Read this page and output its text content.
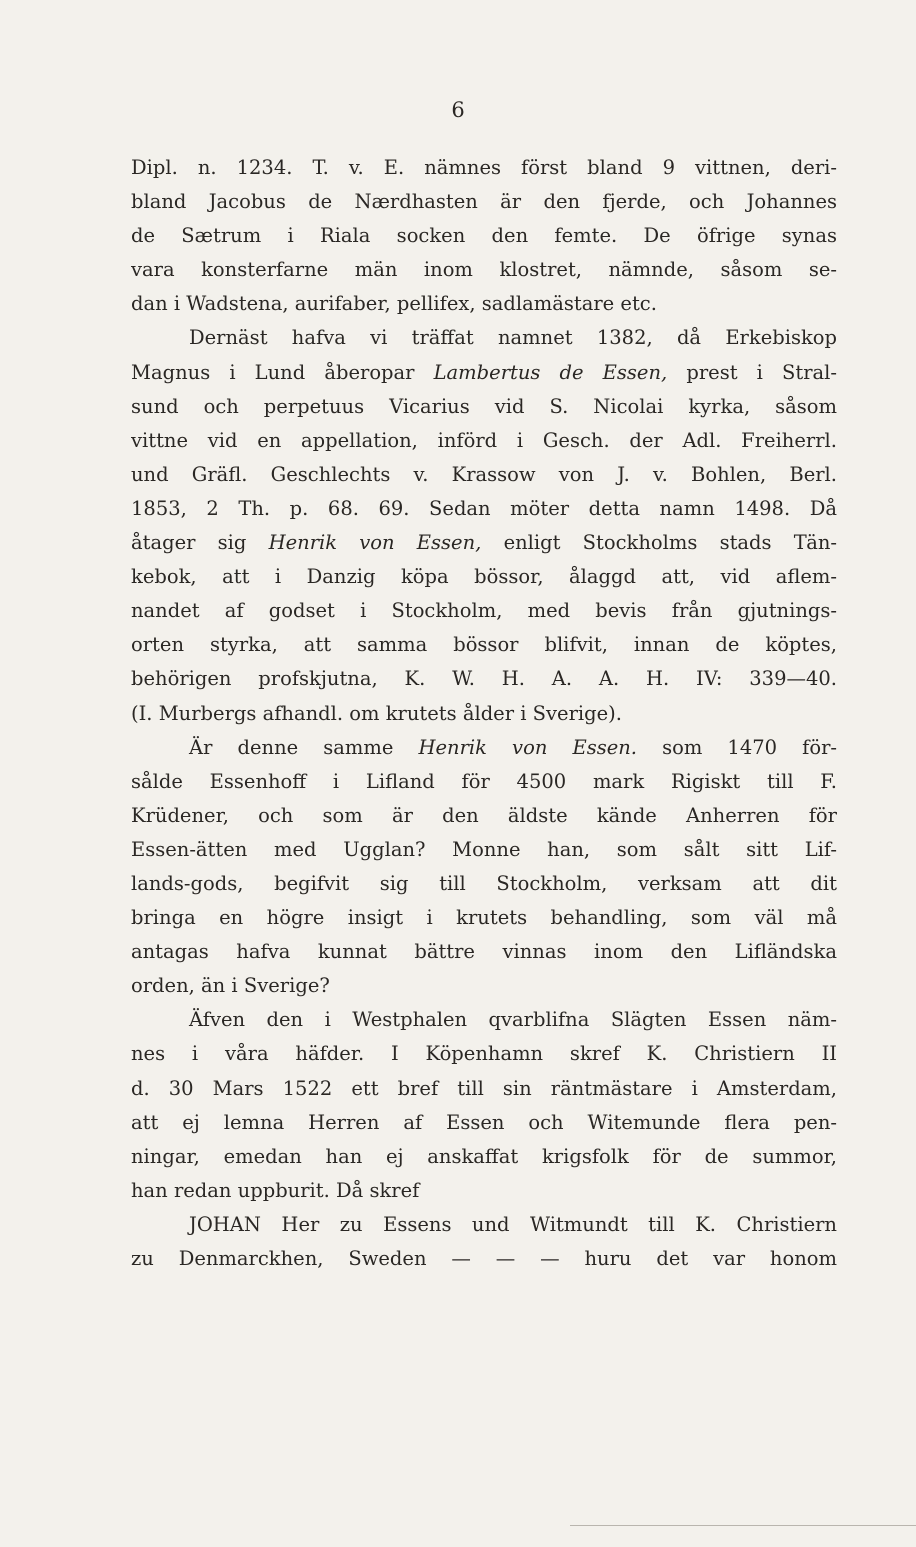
6
Dipl. n. 1234. T. v. E. nämnes först bland 9 vittnen, deri-
bland Jacobus de Nærdhasten är den fjerde, och Johannes
de Sætrum i Riala socken den femte. De öfrige synas
vara konsterfarne män inom klostret, nämnde, såsom se-
dan i Wadstena, aurifaber, pellifex, sadlamästare etc.
Dernäst hafva vi träffat namnet 1382, då Erkebiskop
Magnus i Lund åberopar Lambertus de Essen, prest i Stral-
sund och perpetuus Vicarius vid S. Nicolai kyrka, såsom
vittne vid en appellation, införd i Gesch. der Adl. Freiherrl.
und Gräfl. Geschlechts v. Krassow von J. v. Bohlen, Berl.
1853, 2 Th. p. 68. 69. Sedan möter detta namn 1498. Då
åtager sig Henrik von Essen, enligt Stockholms stads Tän-
kebok, att i Danzig köpa bössor, ålaggd att, vid aflem-
nandet af godset i Stockholm, med bevis från gjutnings-
orten styrka, att samma bössor blifvit, innan de köptes,
behörigen profskjutna, K. W. H. A. A. H. IV: 339—40.
(I. Murbergs afhandl. om krutets ålder i Sverige).
Är denne samme Henrik von Essen. som 1470 för-
sålde Essenhoff i Lifland för 4500 mark Rigiskt till F.
Krüdener, och som är den äldste kände Anherren för
Essen-ätten med Ugglan? Monne han, som sålt sitt Lif-
lands-gods, begifvit sig till Stockholm, verksam att dit
bringa en högre insigt i krutets behandling, som väl må
antagas hafva kunnat bättre vinnas inom den Lifländska
orden, än i Sverige?
Äfven den i Westphalen qvarblifna Slägten Essen näm-
nes i våra häfder. I Köpenhamn skref K. Christiern II
d. 30 Mars 1522 ett bref till sin räntmästare i Amsterdam,
att ej lemna Herren af Essen och Witemunde flera pen-
ningar, emedan han ej anskaffat krigsfolk för de summor,
han redan uppburit. Då skref
JOHAN Her zu Essens und Witmundt till K. Christiern
zu Denmarckhen, Sweden — — — huru det var honom
